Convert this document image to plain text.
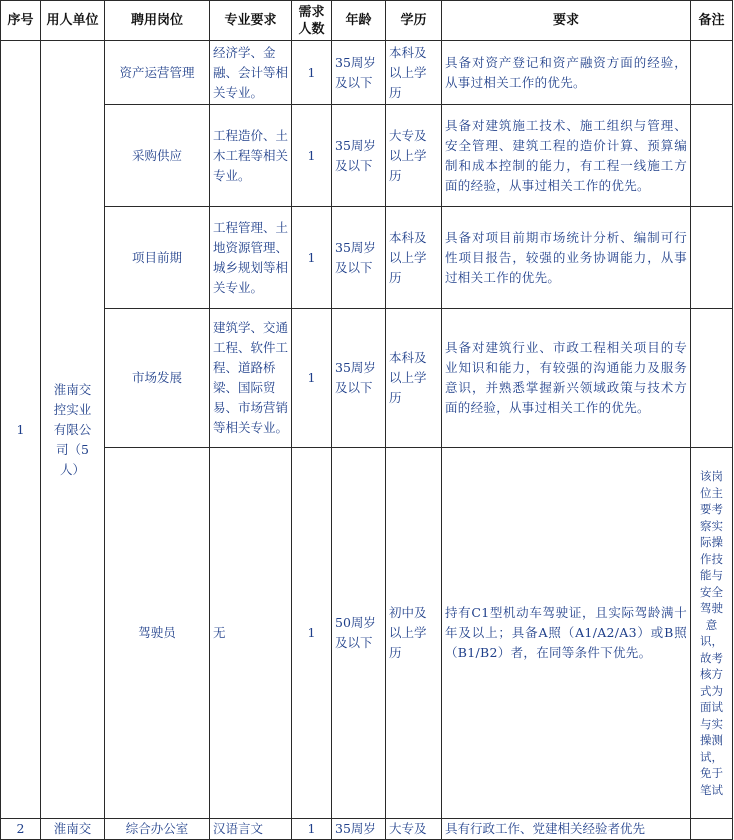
序号	用人单位	聘用岗位	专业要求	需求人数	年龄	学历	要求	备注
1	淮南交控实业有限公司（5人）	资产运营管理	经济学、金融、会计等相关专业。	1	35周岁及以下	本科及以上学历	具备对资产登记和资产融资方面的经验，从事过相关工作的优先。	
		采购供应	工程造价、土木工程等相关专业。	1	35周岁及以下	大专及以上学历	具备对建筑施工技术、施工组织与管理、安全管理、建筑工程的造价计算、预算编制和成本控制的能力，有工程一线施工方面的经验，从事过相关工作的优先。	
		项目前期	工程管理、土地资源管理、城乡规划等相关专业。	1	35周岁及以下	本科及以上学历	具备对项目前期市场统计分析、编制可行性项目报告，较强的业务协调能力，从事过相关工作的优先。	
		市场发展	建筑学、交通工程、软件工程、道路桥梁、国际贸易、市场营销等相关专业。	1	35周岁及以下	本科及以上学历	具备对建筑行业、市政工程相关项目的专业知识和能力，有较强的沟通能力及服务意识，并熟悉掌握新兴领域政策与技术方面的经验，从事过相关工作的优先。	
		驾驶员	无	1	50周岁及以下	初中及以上学历	持有C1型机动车驾驶证，且实际驾龄满十年及以上；具备A照（A1/A2/A3）或B照（B1/B2）者，在同等条件下优先。	该岗位主要考察实际操作技能与安全驾驶意识，故考核方式为面试与实操测试，免于笔试
2	淮南交	综合办公室	汉语言文	1	35周岁	大专及	具有行政工作、党建相关经验者优先	
